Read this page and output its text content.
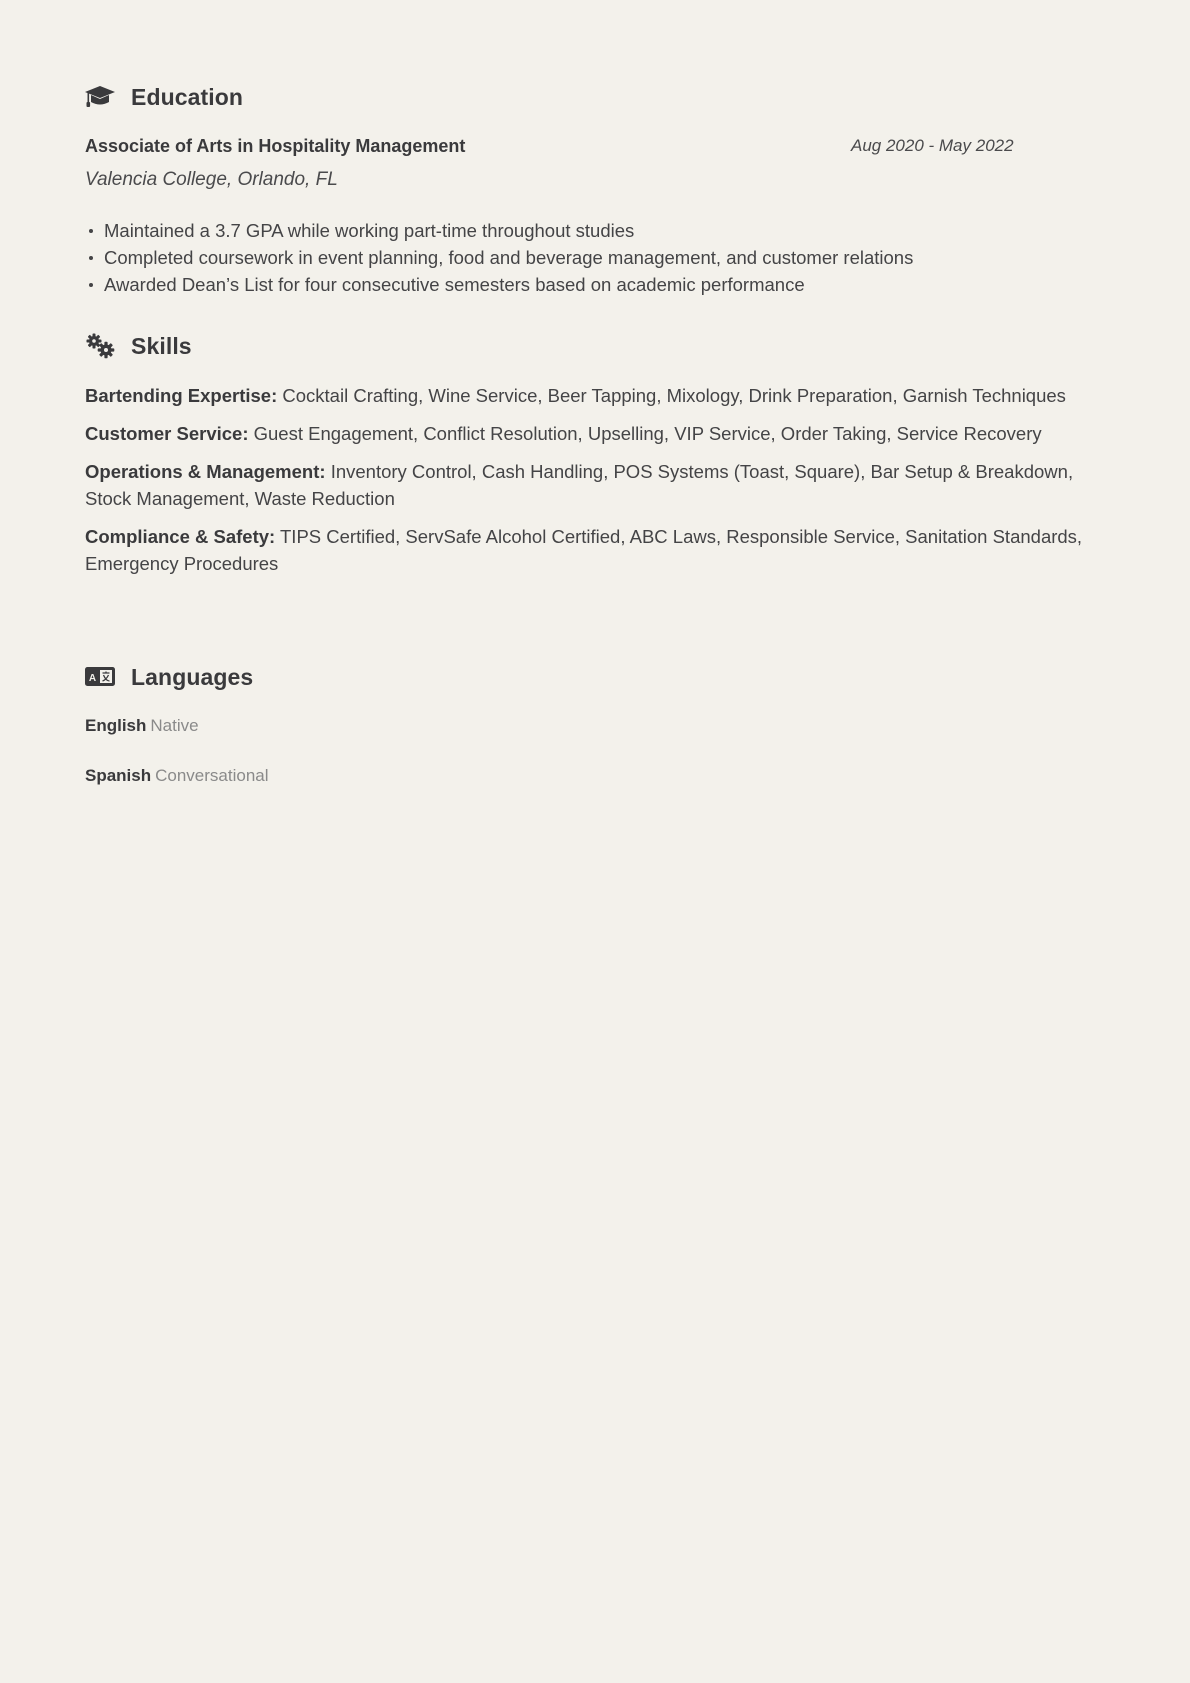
Education
Associate of Arts in Hospitality Management	Aug 2020 - May 2022
Valencia College, Orlando, FL
Maintained a 3.7 GPA while working part-time throughout studies
Completed coursework in event planning, food and beverage management, and customer relations
Awarded Dean’s List for four consecutive semesters based on academic performance
Skills
Bartending Expertise: Cocktail Crafting, Wine Service, Beer Tapping, Mixology, Drink Preparation, Garnish Techniques
Customer Service: Guest Engagement, Conflict Resolution, Upselling, VIP Service, Order Taking, Service Recovery
Operations & Management: Inventory Control, Cash Handling, POS Systems (Toast, Square), Bar Setup & Breakdown, Stock Management, Waste Reduction
Compliance & Safety: TIPS Certified, ServSafe Alcohol Certified, ABC Laws, Responsible Service, Sanitation Standards, Emergency Procedures
A Languages
English Native
Spanish Conversational
